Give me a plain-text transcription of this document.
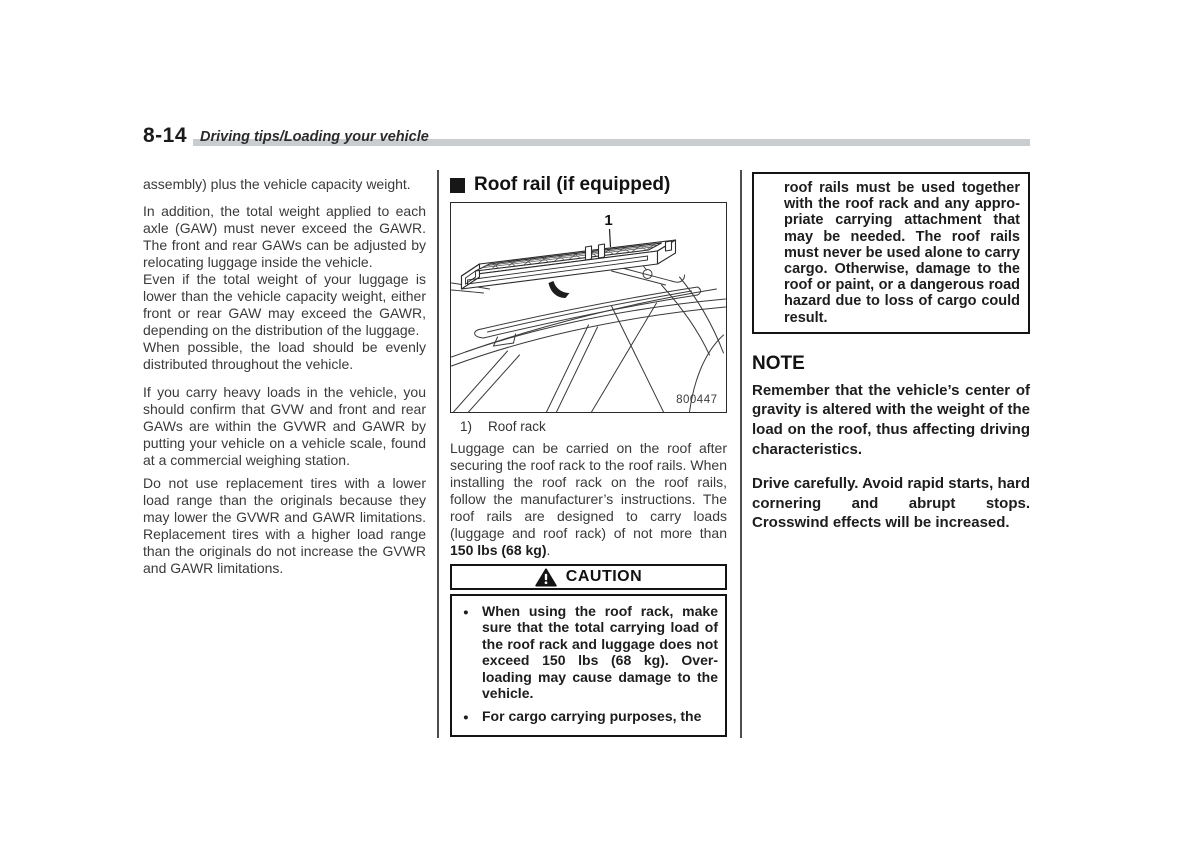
8-14 Driving tips/Loading your vehicle

assembly) plus the vehicle capacity weight.

In addition, the total weight applied to each axle (GAW) must never exceed the GAWR. The front and rear GAWs can be adjusted by relocating luggage inside the vehicle.

Even if the total weight of your luggage is lower than the vehicle capacity weight, either front or rear GAW may exceed the GAWR, depending on the distribution of the luggage.

When possible, the load should be evenly distributed throughout the vehicle.

If you carry heavy loads in the vehicle, you should confirm that GVW and front and rear GAWs are within the GVWR and GAWR by putting your vehicle on a vehicle scale, found at a commercial weighing station.

Do not use replacement tires with a lower load range than the originals because they may lower the GVWR and GAWR limitations. Replacement tires with a higher load range than the originals do not increase the GVWR and GAWR limitations.

Roof rail (if equipped)
1
800447
1)	Roof rack

Luggage can be carried on the roof after securing the roof rack to the roof rails. When installing the roof rack on the roof rails, follow the manufacturer’s instructions. The roof rails are designed to carry loads (luggage and roof rack) of not more than 150 lbs (68 kg).

CAUTION
●
When using the roof rack, make sure that the total carrying load of the roof rack and luggage does not exceed 150 lbs (68 kg). Overloading may cause damage to the vehicle.
●
For cargo carrying purposes, the
roof rails must be used together with the roof rack and any appropriate carrying attachment that may be needed. The roof rails must never be used alone to carry cargo. Otherwise, damage to the roof or paint, or a dangerous road hazard due to loss of cargo could result.
NOTE

Remember that the vehicle’s center of gravity is altered with the weight of the load on the roof, thus affecting driving characteristics.

Drive carefully. Avoid rapid starts, hard cornering and abrupt stops. Crosswind effects will be increased.
